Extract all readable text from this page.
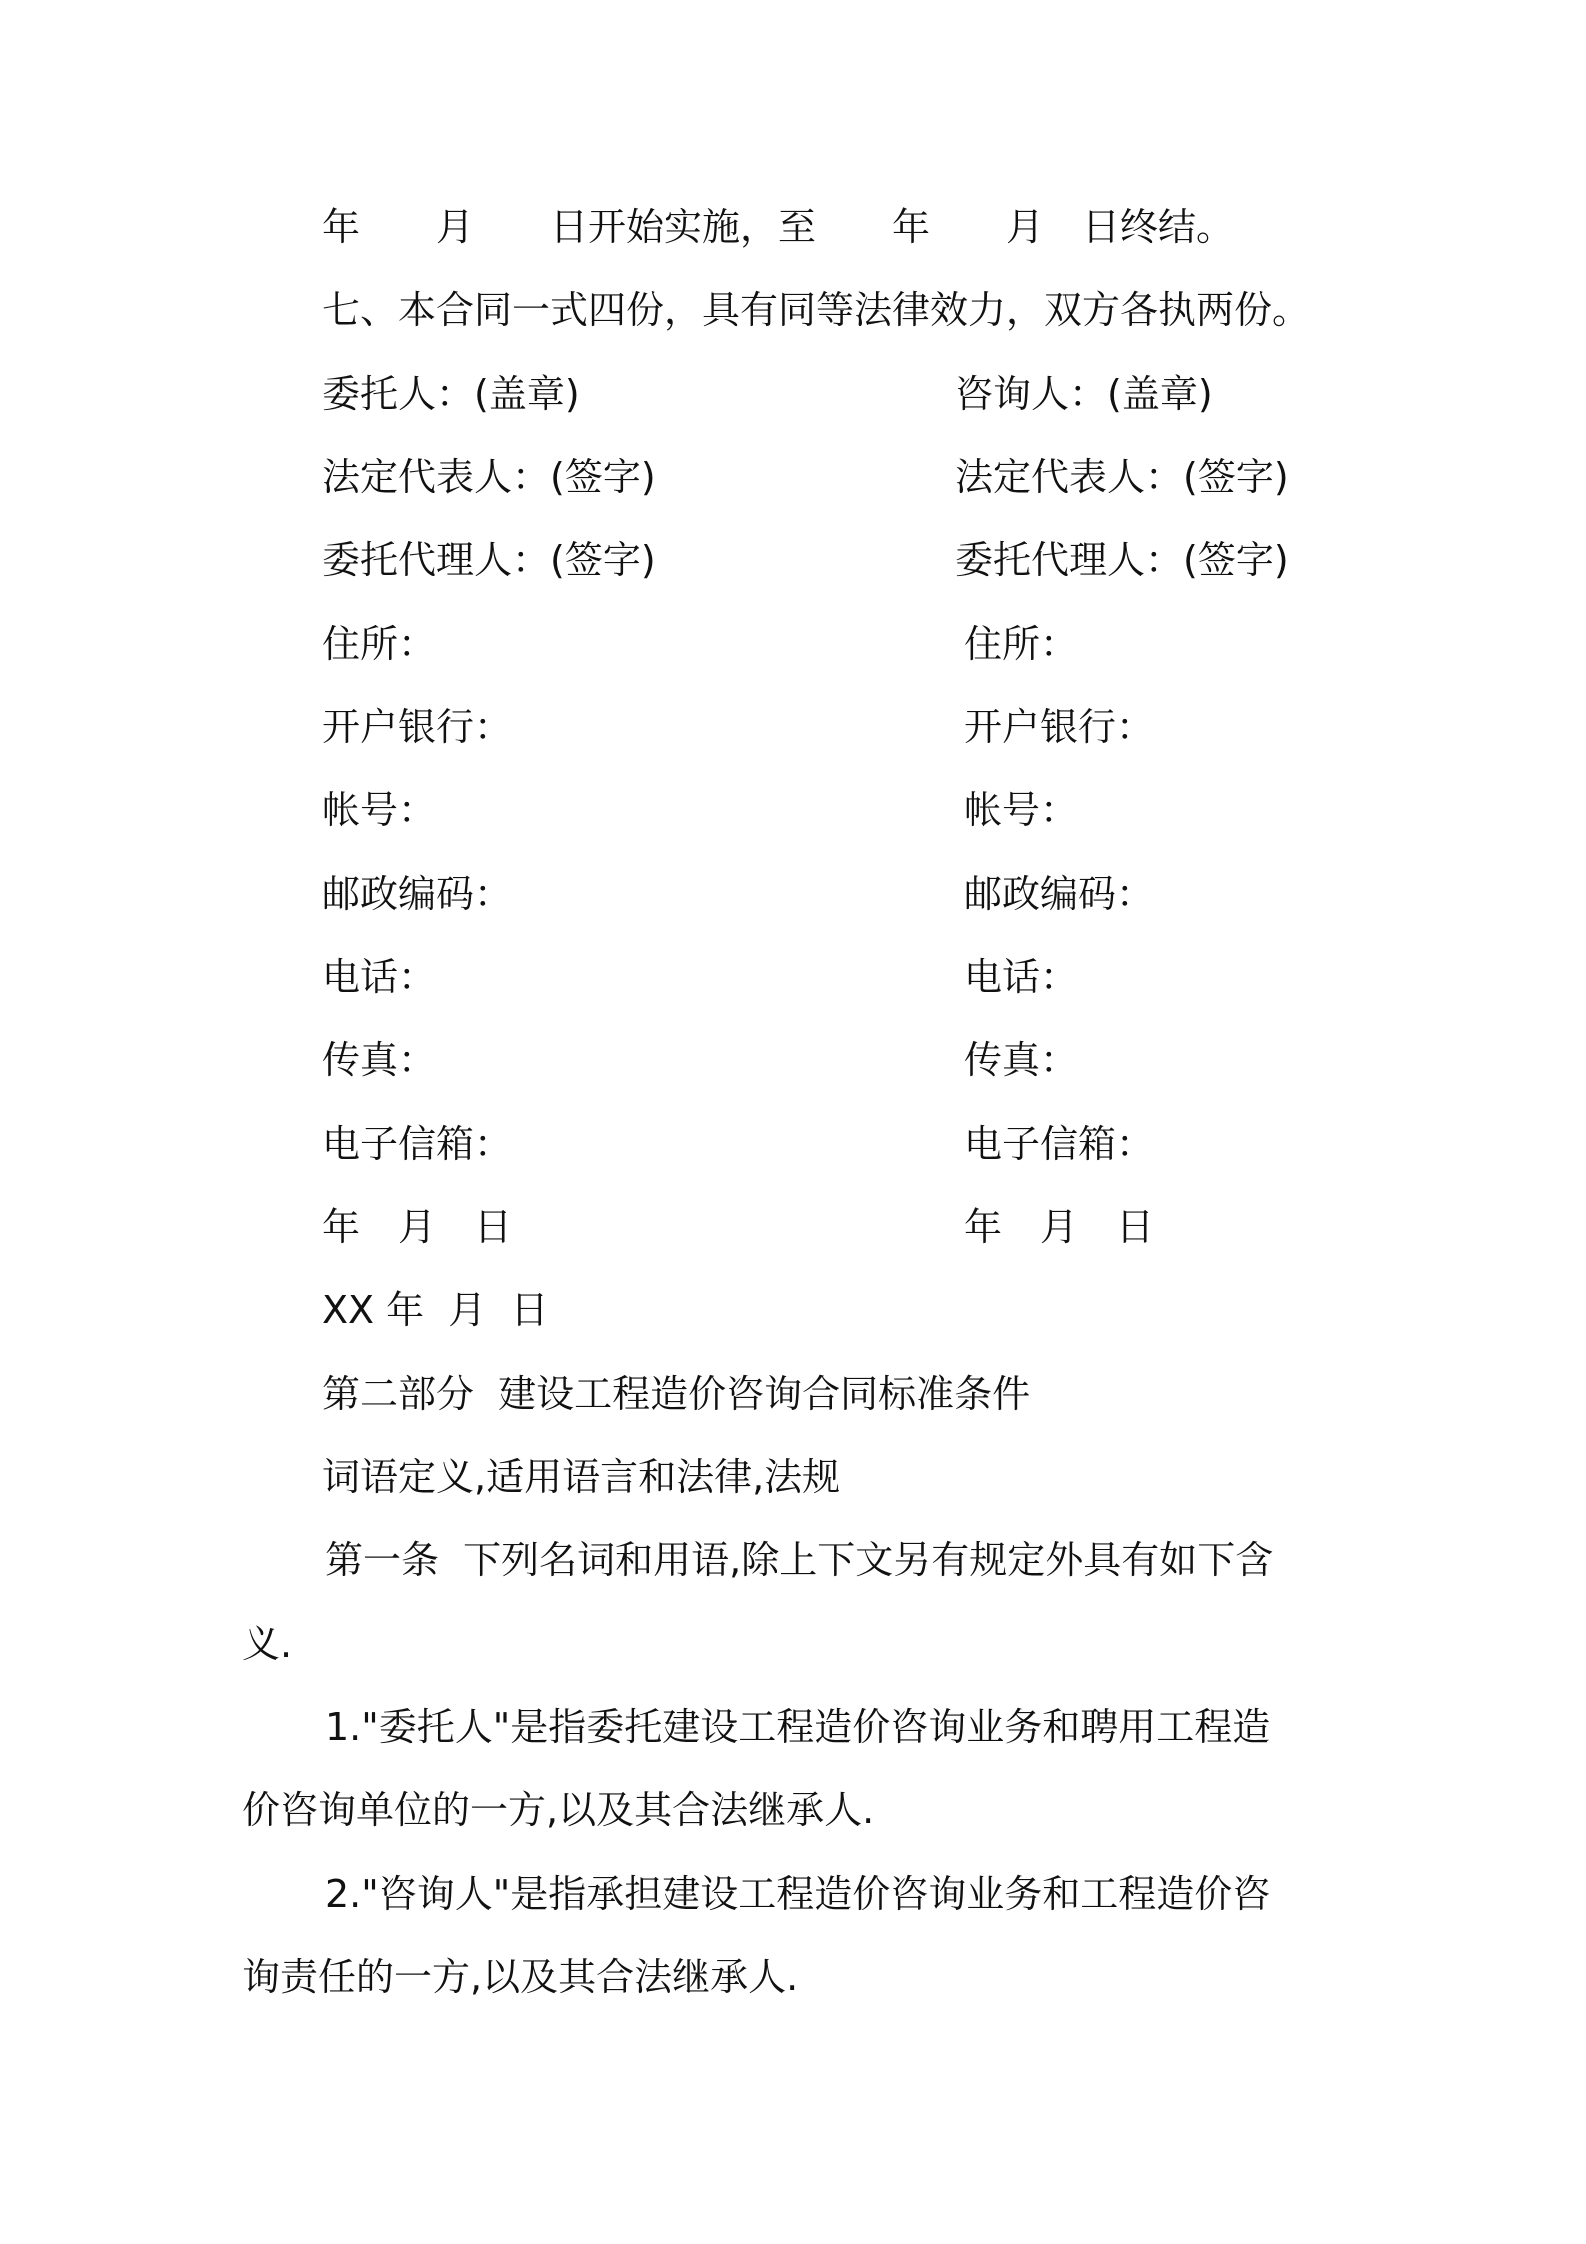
年　　月　　日开始实施，至　　年　　月　日终结。
七、本合同一式四份，具有同等法律效力，双方各执两份。
委托人：(盖章)	咨询人：(盖章)
法定代表人：(签字)	法定代表人：(签字)
委托代理人：(签字)	委托代理人：(签字)
住所：	住所：
开户银行：	开户银行：
帐号：	帐号：
邮政编码：	邮政编码：
电话：	电话：
传真：	传真：
电子信箱：	电子信箱：
年　月　日	年　月　日
XX 年  月  日
第二部分  建设工程造价咨询合同标准条件
词语定义,适用语言和法律,法规
第一条  下列名词和用语,除上下文另有规定外具有如下含
义.
1."委托人"是指委托建设工程造价咨询业务和聘用工程造
价咨询单位的一方,以及其合法继承人.
2."咨询人"是指承担建设工程造价咨询业务和工程造价咨
询责任的一方,以及其合法继承人.
